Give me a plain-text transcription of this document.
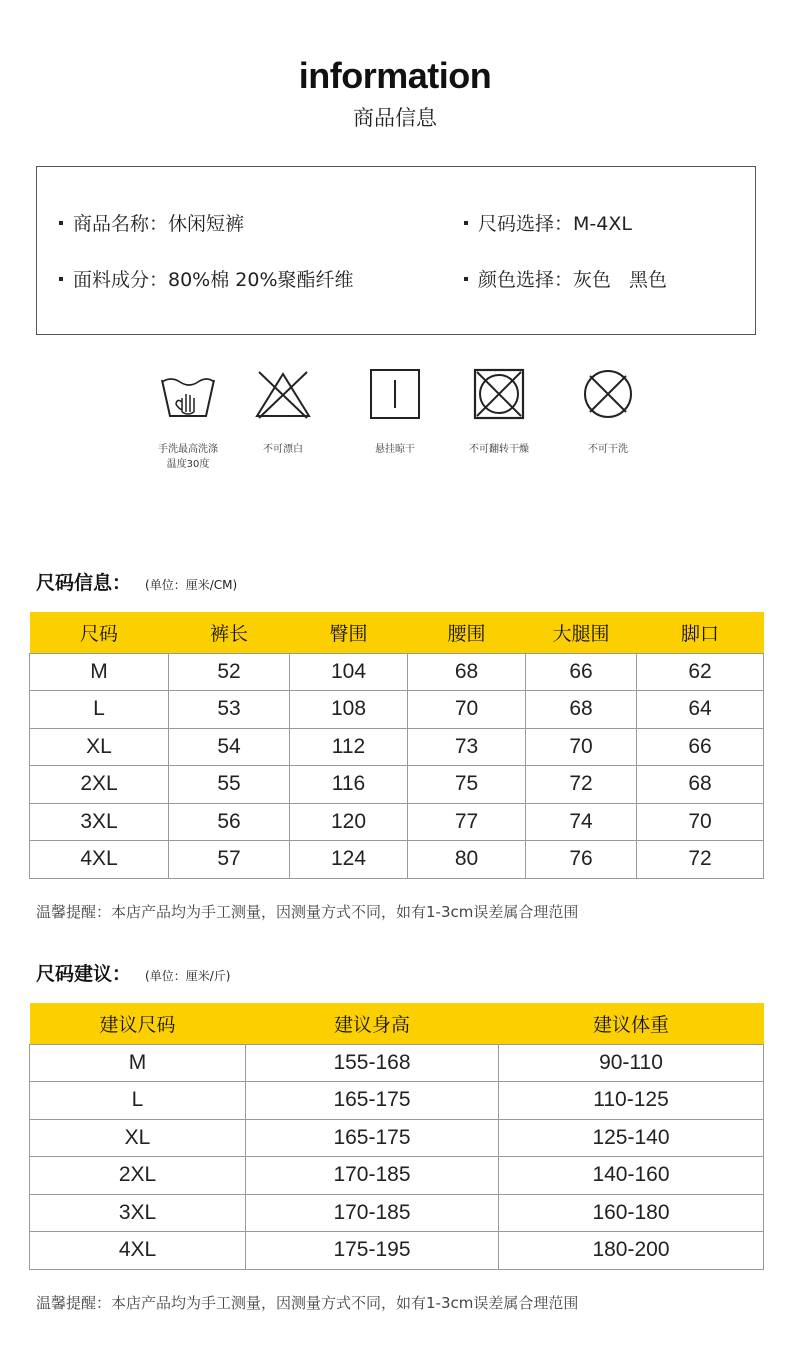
information
商品信息
商品名称：休闲短裤	尺码选择：M-4XL
面料成分：80%棉 20%聚酯纤维	颜色选择：灰色 黑色
手洗最高洗涤温度30度
不可漂白	悬挂晾干	不可翻转干燥	不可干洗
尺码信息： (单位：厘米/CM)
尺码	裤长	臀围	腰围	大腿围	脚口
M	52	104	68	66	62
L	53	108	70	68	64
XL	54	112	73	70	66
2XL	55	116	75	72	68
3XL	56	120	77	74	70
4XL	57	124	80	76	72
温馨提醒：本店产品均为手工测量，因测量方式不同，如有1-3cm误差属合理范围
尺码建议： (单位：厘米/斤)
建议尺码	建议身高	建议体重
M	155-168	90-110
L	165-175	110-125
XL	165-175	125-140
2XL	170-185	140-160
3XL	170-185	160-180
4XL	175-195	180-200
温馨提醒：本店产品均为手工测量，因测量方式不同，如有1-3cm误差属合理范围
